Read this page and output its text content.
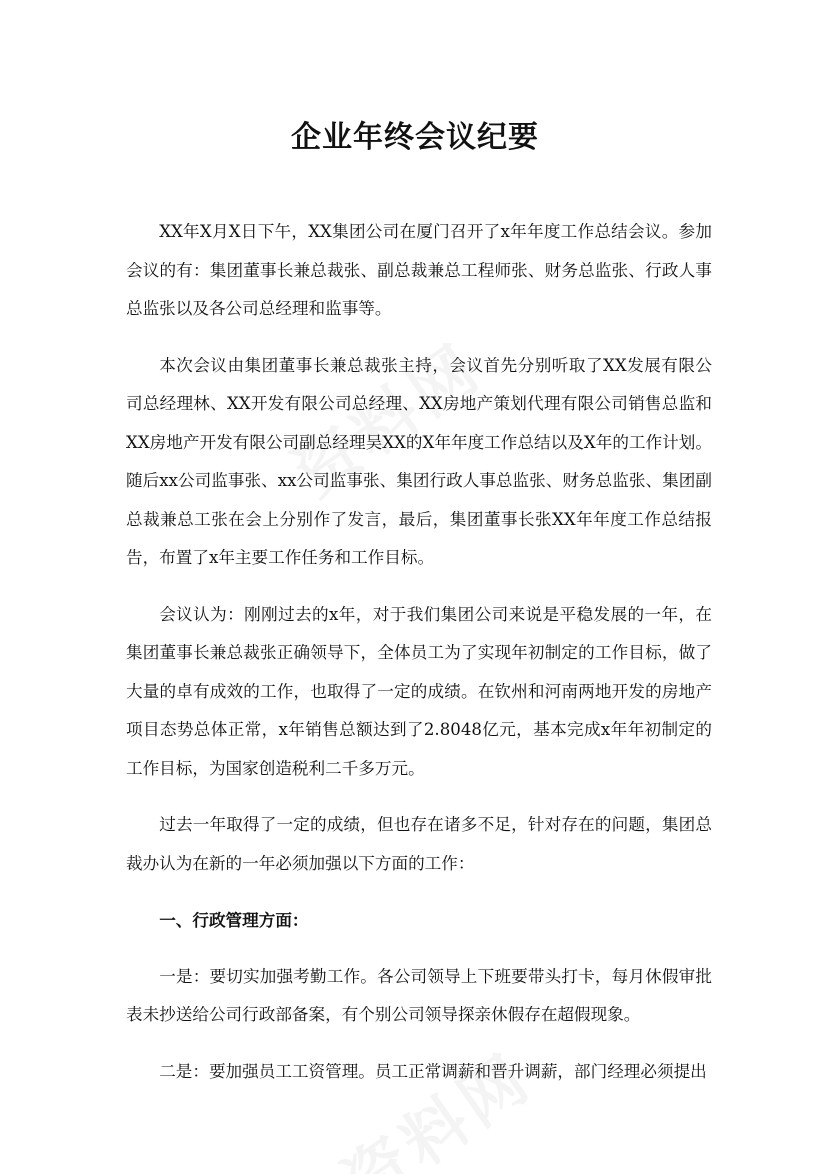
企业年终会议纪要

XX年X月X日下午，XX集团公司在厦门召开了x年年度工作总结会议。参加会议的有：集团董事长兼总裁张、副总裁兼总工程师张、财务总监张、行政人事总监张以及各公司总经理和监事等。

本次会议由集团董事长兼总裁张主持，会议首先分别听取了XX发展有限公司总经理林、XX开发有限公司总经理、XX房地产策划代理有限公司销售总监和XX房地产开发有限公司副总经理吴XX的X年年度工作总结以及X年的工作计划。随后xx公司监事张、xx公司监事张、集团行政人事总监张、财务总监张、集团副总裁兼总工张在会上分别作了发言，最后，集团董事长张XX年年度工作总结报告，布置了x年主要工作任务和工作目标。

会议认为：刚刚过去的x年，对于我们集团公司来说是平稳发展的一年，在集团董事长兼总裁张正确领导下，全体员工为了实现年初制定的工作目标，做了大量的卓有成效的工作，也取得了一定的成绩。在钦州和河南两地开发的房地产项目态势总体正常，x年销售总额达到了2.8048亿元，基本完成x年年初制定的工作目标，为国家创造税利二千多万元。

过去一年取得了一定的成绩，但也存在诸多不足，针对存在的问题，集团总裁办认为在新的一年必须加强以下方面的工作：

一、行政管理方面：

一是：要切实加强考勤工作。各公司领导上下班要带头打卡，每月休假审批表未抄送给公司行政部备案，有个别公司领导探亲休假存在超假现象。

二是：要加强员工工资管理。员工正常调薪和晋升调薪，部门经理必须提出
